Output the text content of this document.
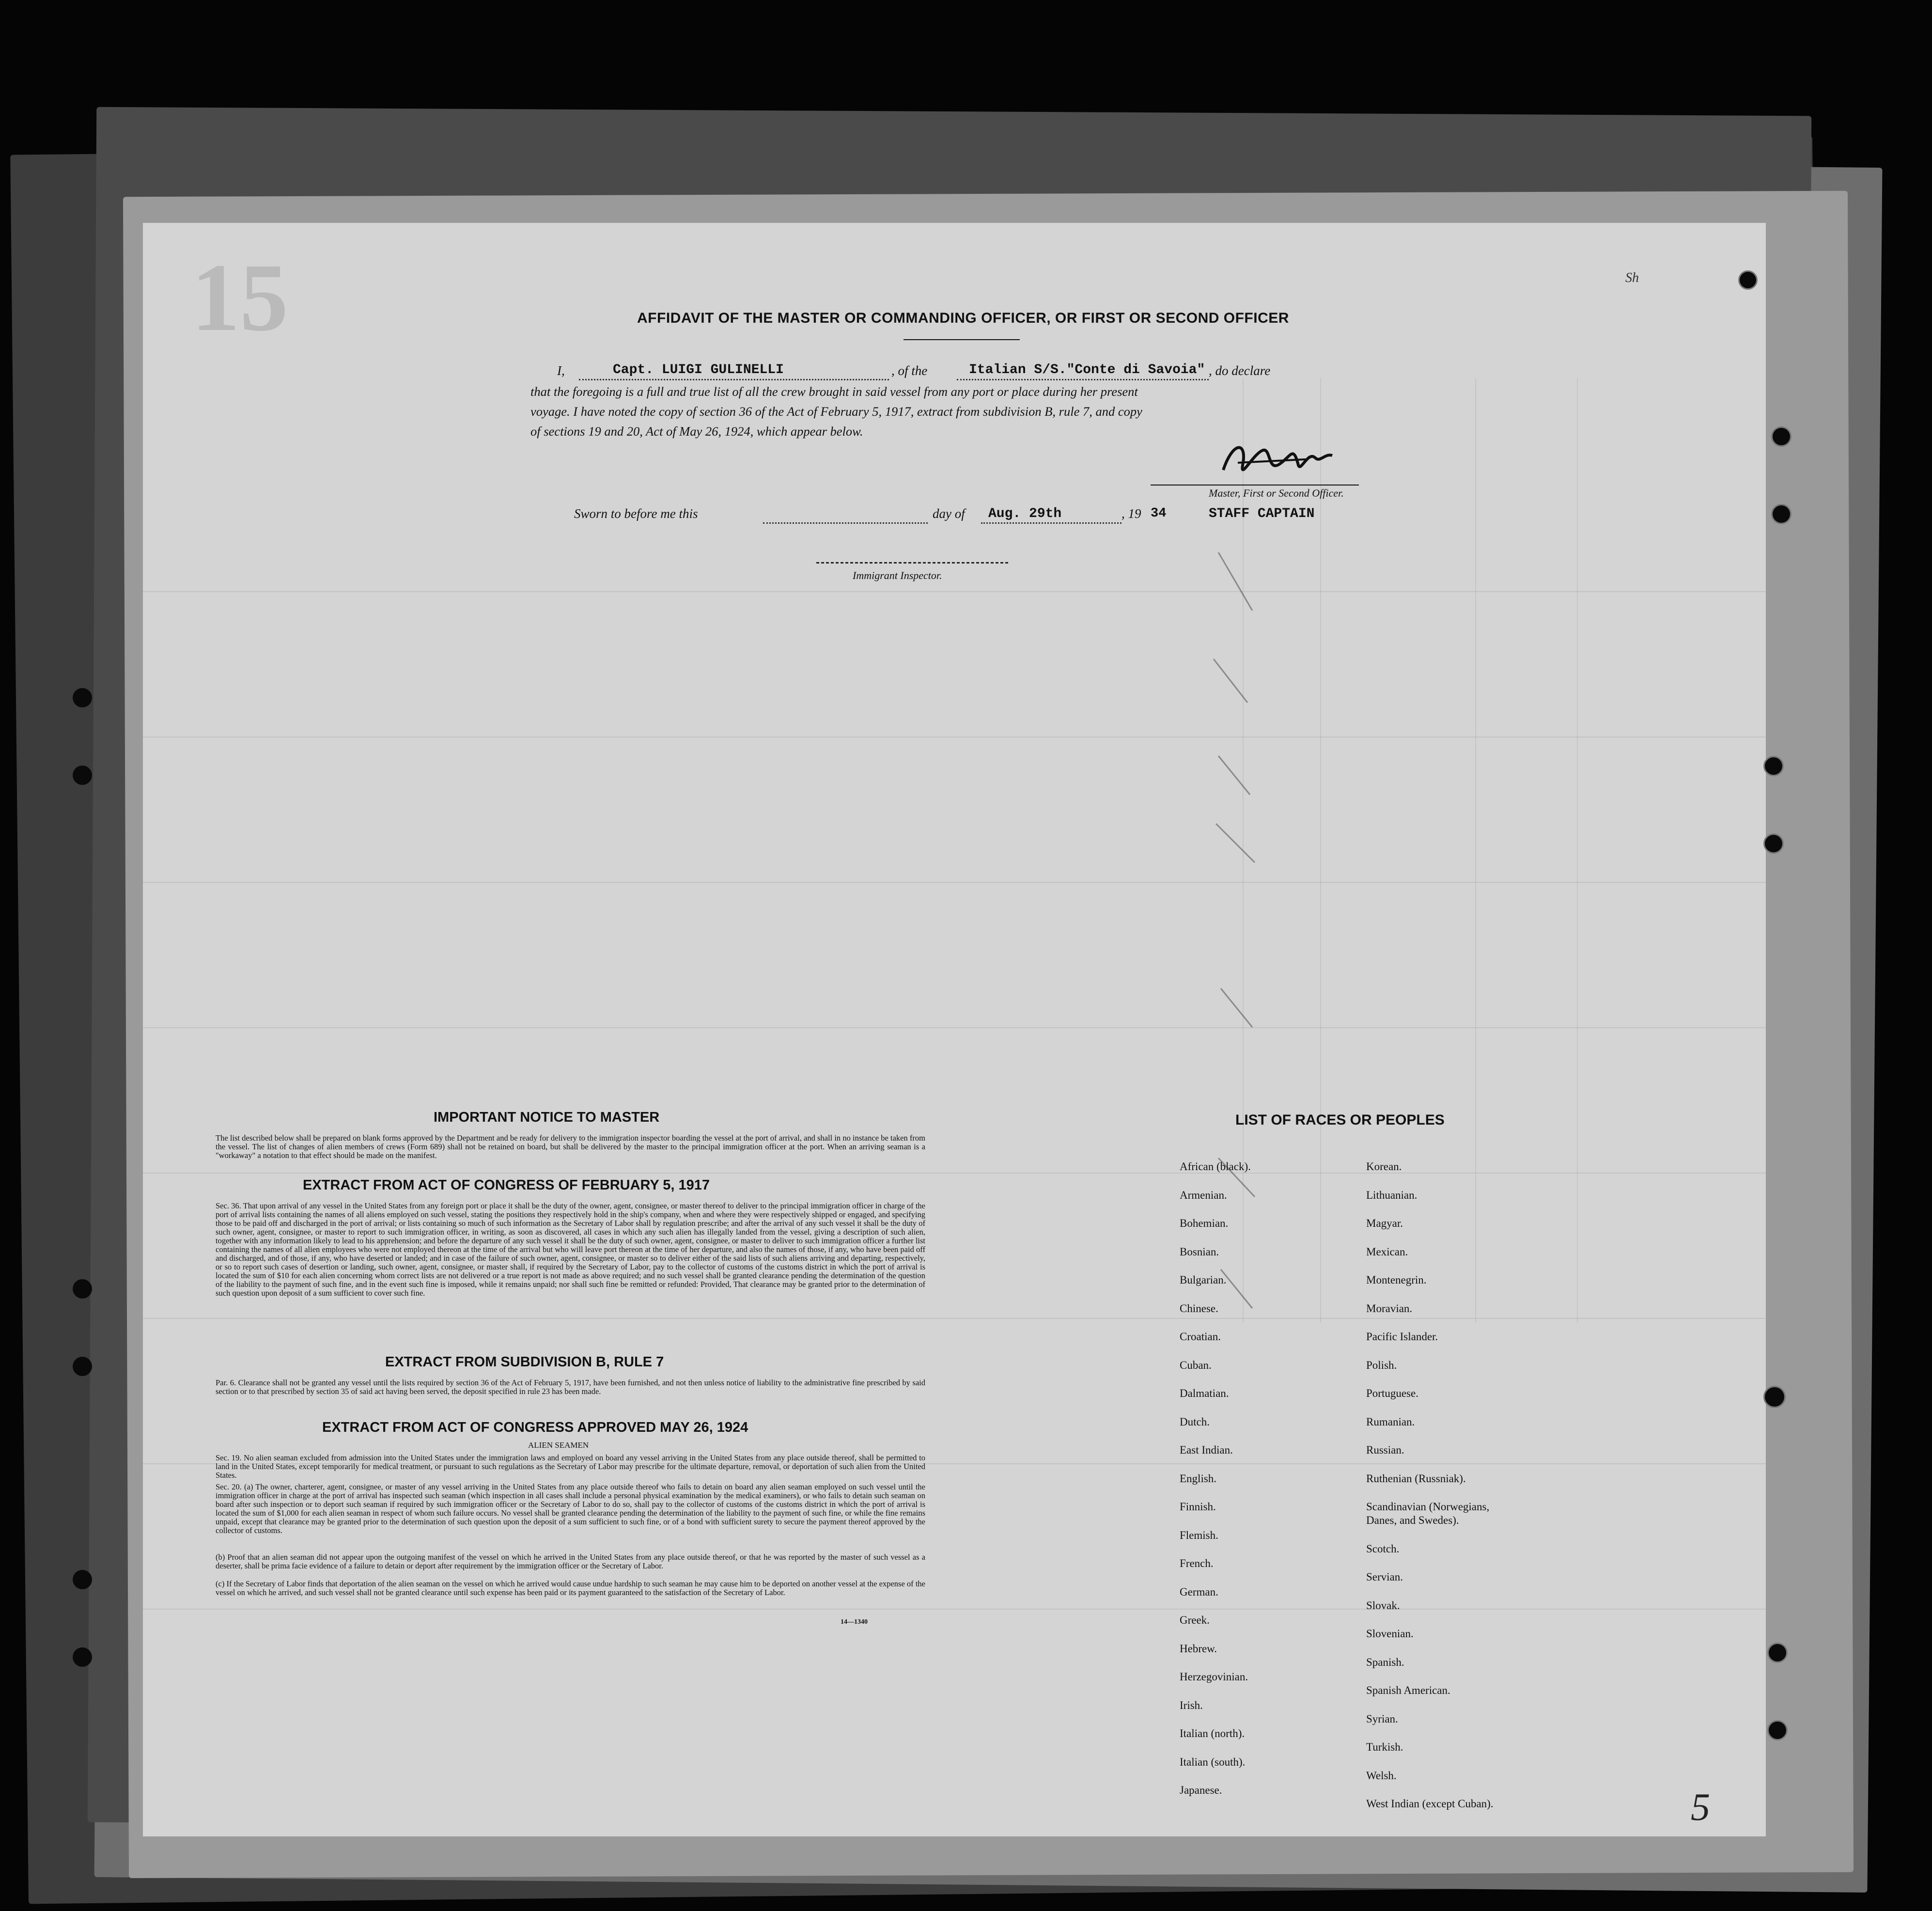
15	Sh
5
AFFIDAVIT OF THE MASTER OR COMMANDING OFFICER, OR FIRST OR SECOND OFFICER
I,	Capt. LUIGI GULINELLI	, of the	Italian S/S."Conte di Savoia" , do declare
that the foregoing is a full and true list of all the crew brought in said vessel from any port or place during her present
voyage. I have noted the copy of section 36 of the Act of February 5, 1917, extract from subdivision B, rule 7, and copy
of sections 19 and 20, Act of May 26, 1924, which appear below.
Master, First or Second Officer.
Sworn to before me this	day of Aug. 29th	, 19 34	STAFF CAPTAIN
Immigrant Inspector.
IMPORTANT NOTICE TO MASTER
The list described below shall be prepared on blank forms approved by the Department and be ready for delivery to the immigration inspector boarding the vessel at the port of arrival, and shall in no instance be taken from the vessel. The list of changes of alien members of crews (Form 689) shall not be retained on board, but shall be delivered by the master to the principal immigration officer at the port. When an arriving seaman is a "workaway" a notation to that effect should be made on the manifest.
EXTRACT FROM ACT OF CONGRESS OF FEBRUARY 5, 1917
Sec. 36. That upon arrival of any vessel in the United States from any foreign port or place it shall be the duty of the owner, agent, consignee, or master thereof to deliver to the principal immigration officer in charge of the port of arrival lists containing the names of all aliens employed on such vessel, stating the positions they respectively hold in the ship's company, when and where they were respectively shipped or engaged, and specifying those to be paid off and discharged in the port of arrival; or lists containing so much of such information as the Secretary of Labor shall by regulation prescribe; and after the arrival of any such vessel it shall be the duty of such owner, agent, consignee, or master to report to such immigration officer, in writing, as soon as discovered, all cases in which any such alien has illegally landed from the vessel, giving a description of such alien, together with any information likely to lead to his apprehension; and before the departure of any such vessel it shall be the duty of such owner, agent, consignee, or master to deliver to such immigration officer a further list containing the names of all alien employees who were not employed thereon at the time of the arrival but who will leave port thereon at the time of her departure, and also the names of those, if any, who have been paid off and discharged, and of those, if any, who have deserted or landed; and in case of the failure of such owner, agent, consignee, or master so to deliver either of the said lists of such aliens arriving and departing, respectively, or so to report such cases of desertion or landing, such owner, agent, consignee, or master shall, if required by the Secretary of Labor, pay to the collector of customs of the customs district in which the port of arrival is located the sum of $10 for each alien concerning whom correct lists are not delivered or a true report is not made as above required; and no such vessel shall be granted clearance pending the determination of the question of the liability to the payment of such fine, and in the event such fine is imposed, while it remains unpaid; nor shall such fine be remitted or refunded: Provided, That clearance may be granted prior to the determination of such question upon deposit of a sum sufficient to cover such fine.
EXTRACT FROM SUBDIVISION B, RULE 7
Par. 6. Clearance shall not be granted any vessel until the lists required by section 36 of the Act of February 5, 1917, have been furnished, and not then unless notice of liability to the administrative fine prescribed by said section or to that prescribed by section 35 of said act having been served, the deposit specified in rule 23 has been made.
EXTRACT FROM ACT OF CONGRESS APPROVED MAY 26, 1924
ALIEN SEAMEN
Sec. 19. No alien seaman excluded from admission into the United States under the immigration laws and employed on board any vessel arriving in the United States from any place outside thereof, shall be permitted to land in the United States, except temporarily for medical treatment, or pursuant to such regulations as the Secretary of Labor may prescribe for the ultimate departure, removal, or deportation of such alien from the United States.
Sec. 20. (a) The owner, charterer, agent, consignee, or master of any vessel arriving in the United States from any place outside thereof who fails to detain on board any alien seaman employed on such vessel until the immigration officer in charge at the port of arrival has inspected such seaman (which inspection in all cases shall include a personal physical examination by the medical examiners), or who fails to detain such seaman on board after such inspection or to deport such seaman if required by such immigration officer or the Secretary of Labor to do so, shall pay to the collector of customs of the customs district in which the port of arrival is located the sum of $1,000 for each alien seaman in respect of whom such failure occurs. No vessel shall be granted clearance pending the determination of the liability to the payment of such fine, or while the fine remains unpaid, except that clearance may be granted prior to the determination of such question upon the deposit of a sum sufficient to such fine, or of a bond with sufficient surety to secure the payment thereof approved by the collector of customs.
(b) Proof that an alien seaman did not appear upon the outgoing manifest of the vessel on which he arrived in the United States from any place outside thereof, or that he was reported by the master of such vessel as a deserter, shall be prima facie evidence of a failure to detain or deport after requirement by the immigration officer or the Secretary of Labor.
(c) If the Secretary of Labor finds that deportation of the alien seaman on the vessel on which he arrived would cause undue hardship to such seaman he may cause him to be deported on another vessel at the expense of the vessel on which he arrived, and such vessel shall not be granted clearance until such expense has been paid or its payment guaranteed to the satisfaction of the Secretary of Labor.
14—1340
LIST OF RACES OR PEOPLES
African (black).
Armenian.
Bohemian.
Bosnian.
Bulgarian.
Chinese.
Croatian.
Cuban.
Dalmatian.
Dutch.
East Indian.
English.
Finnish.
Flemish.
French.
German.
Greek.
Hebrew.
Herzegovinian.
Irish.
Italian (north).
Italian (south).
Japanese.
Korean.
Lithuanian.
Magyar.
Mexican.
Montenegrin.
Moravian.
Pacific Islander.
Polish.
Portuguese.
Rumanian.
Russian.
Ruthenian (Russniak).
Scandinavian (Norwegians,
Danes, and Swedes).
Scotch.
Servian.
Slovak.
Slovenian.
Spanish.
Spanish American.
Syrian.
Turkish.
Welsh.
West Indian (except Cuban).
